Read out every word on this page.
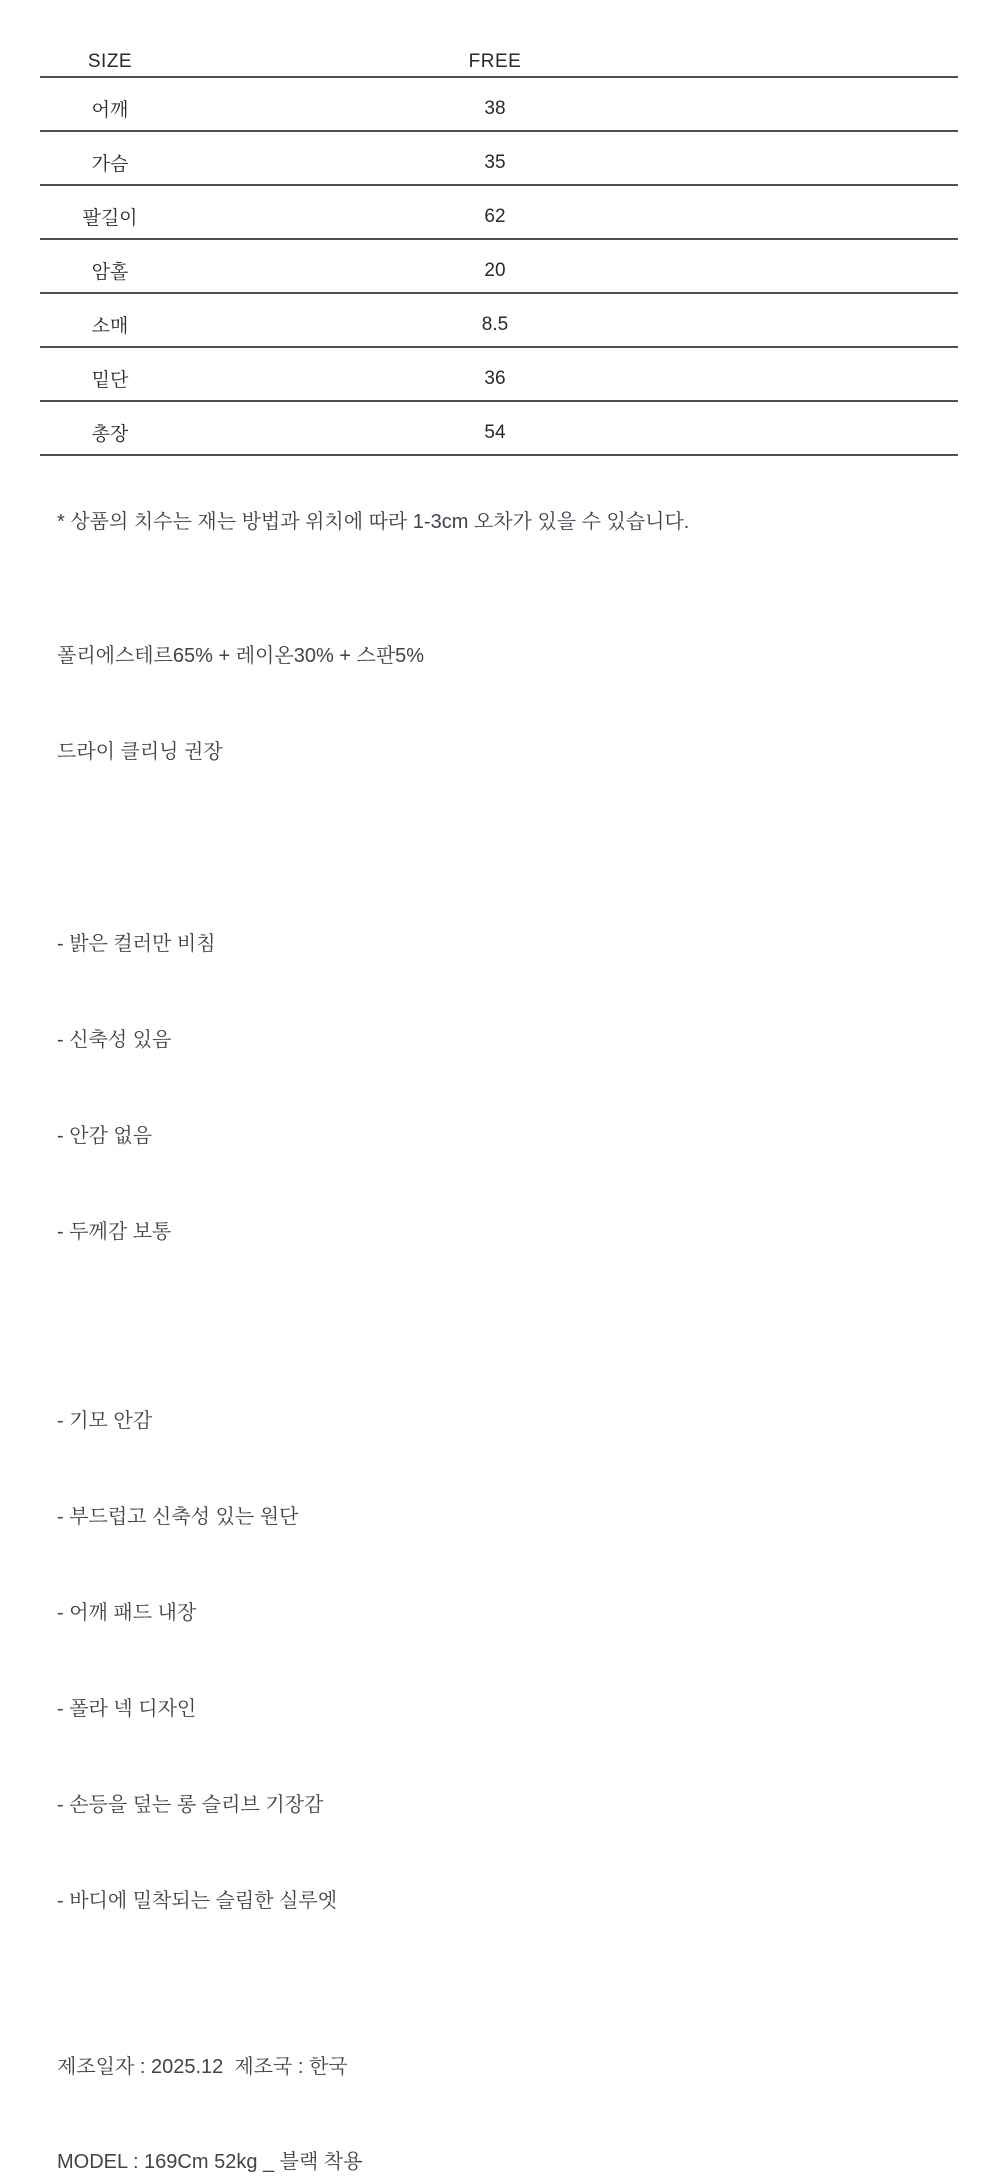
SIZE	FREE
어깨	38
가슴	35
팔길이	62
암홀	20
소매	8.5
밑단	36
총장	54
* 상품의 치수는 재는 방법과 위치에 따라 1-3cm 오차가 있을 수 있습니다.

폴리에스테르65% + 레이온30% + 스판5%

드라이 클리닝 권장

- 밝은 컬러만 비침

- 신축성 있음

- 안감 없음

- 두께감 보통

- 기모 안감

- 부드럽고 신축성 있는 원단

- 어깨 패드 내장

- 폴라 넥 디자인

- 손등을 덮는 롱 슬리브 기장감

- 바디에 밀착되는 슬림한 실루엣

제조일자 : 2025.12  제조국 : 한국
MODEL : 169Cm 52kg _ 블랙 착용
